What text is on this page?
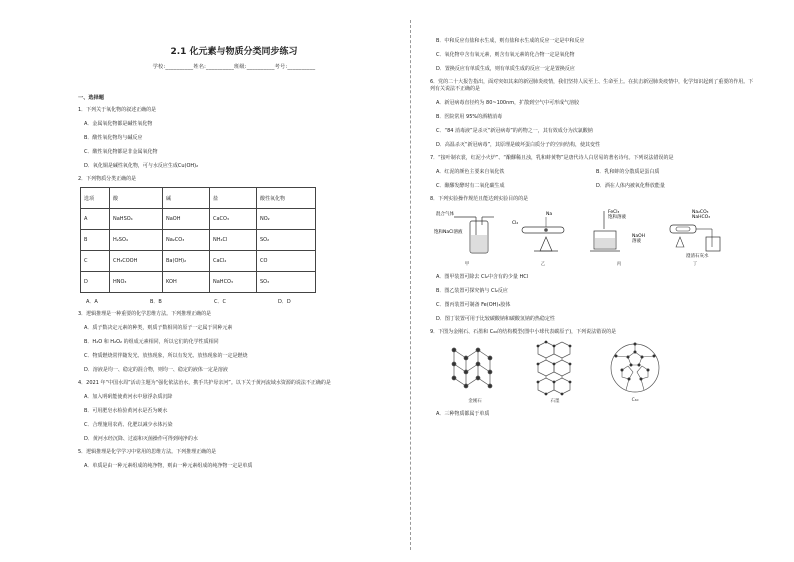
2.1 化元素与物质分类同步练习
学校:__________姓名:__________班级:__________考号:__________
一、选择题
1．下列关于氧化物的叙述正确的是
A．金属氧化物都是碱性氧化物
B．酸性氧化物均与碱反应
C．酸性氧化物都是非金属氧化物
D．氧化铜是碱性氧化物，可与水反应生成Cu(OH)₂
2．下列物质分类正确的是
选项	酸	碱	盐	酸性氧化物
A	NaHSO₄	NaOH	CaCO₃	NO₂
B	H₂SO₄	Na₂CO₃	NH₄Cl	SO₂
C	CH₃COOH	Ba(OH)₂	CaCl₂	CO
D	HNO₃	KOH	NaHCO₃	SO₃
A．A	B．B	C．C	D．D
3．逻辑推理是一种重要的化学思维方法。下列推理正确的是
A．质子数决定元素的种类，则质子数相同的原子一定属于同种元素
B．H₂O 和 H₂O₂ 的组成元素相同，所以它们的化学性质相同
C．物质燃烧常伴随发光、放热现象，所以有发光、放热现象的一定是燃烧
D．溶液是均一、稳定的混合物，则均一、稳定的液体一定是溶液
4．2021 年“中国水周”活动主题为“强化依法治水，携手共护母亲河”。以下关于黄河流域水资源的说法不正确的是
A．加入明矾能使黄河水中悬浮杂质沉降
B．可用肥皂水检验黄河水是否为硬水
C．合理施用农药、化肥以减少水体污染
D．黄河水经沉降、过滤和灭菌操作可得到纯净的水
5．逻辑推理是化学学习中常用的思维方法。下列推理正确的是
A．单质是由一种元素组成的纯净物，则由一种元素组成的纯净物一定是单质
B．中和反应有盐和水生成，则有盐和水生成的反应一定是中和反应
C．氧化物中含有氧元素，则含有氧元素的化合物一定是氧化物
D．置换反应有单质生成，则有单质生成的反应一定是置换反应
6．党的二十大报告指出，面对突如其来的新冠肺炎疫情，我们坚持人民至上、生命至上。在抗击新冠肺炎疫情中，化学知识起到了重要的作用。下列有关说法不正确的是
A．新冠病毒直径约为 80~100nm，扩散到空气中可形成气溶胶
B．医院常用 95%的酒精消毒
C．“84 消毒液”是杀灭“新冠病毒”的药物之一，其有效成分为次氯酸钠
D．高温杀灭“新冠病毒”，其原理是破坏蛋白质分子的空间结构，使其变性
7．“接叶制衣裳，红泥小火炉”、“酿醪稀且浊，乳和蚌黄物”是唐代诗人白居易的著名诗句。下列说法错误的是
A．红泥的颜色主要来自氧化铁	B．乳和蚌的分散质是蛋白质
C．酿醪发酵时有二氧化碳生成	D．酒在人体内被氧化释放能量
8．下列实验操作规范且能达到实验目的的是
混合气体
饱和NaCl溶液
甲
Cl₂
Na
乙
FeCl₃
饱和溶液
NaOH
溶液
丙
Na₂CO₃
NaHCO₃
澄清石灰水
丁
A．图甲装置可除去 Cl₂中含有的少量 HCl
B．图乙装置可探究钠与 Cl₂反应
C．图丙装置可制备 Fe(OH)₃胶体
D．图丁装置可用于比较碳酸钠和碳酸氢钠的热稳定性
9．下图为金刚石、石墨和 C₆₀的结构模型(图中小球代表碳原子)，下列说法错误的是
金刚石	石墨	C₆₀
A．三种物质都属于单质
